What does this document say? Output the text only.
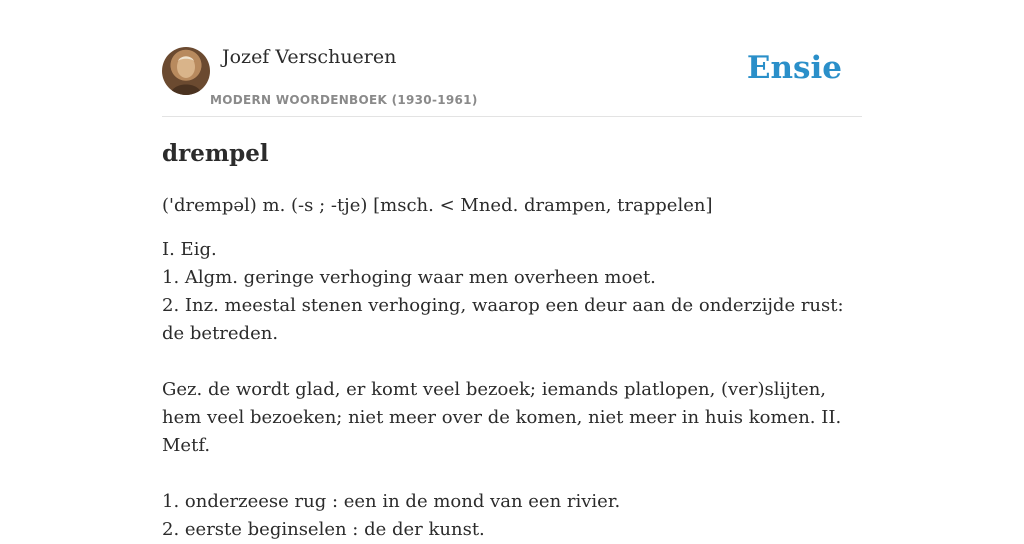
Jozef Verschueren
MODERN WOORDENBOEK (1930-1961)
Ensie
drempel

('drempəl) m. (-s ; -tje) [msch. < Mned. drampen, trappelen]

I. Eig.

1. Algm. geringe verhoging waar men overheen moet.

2. Inz. meestal stenen verhoging, waarop een deur aan de onderzijde rust: de betreden.

Gez. de wordt glad, er komt veel bezoek; iemands platlopen, (ver)slijten, hem veel bezoeken; niet meer over de komen, niet meer in huis komen. II. Metf.

1. onderzeese rug : een in de mond van een rivier.

2. eerste beginselen : de der kunst.
